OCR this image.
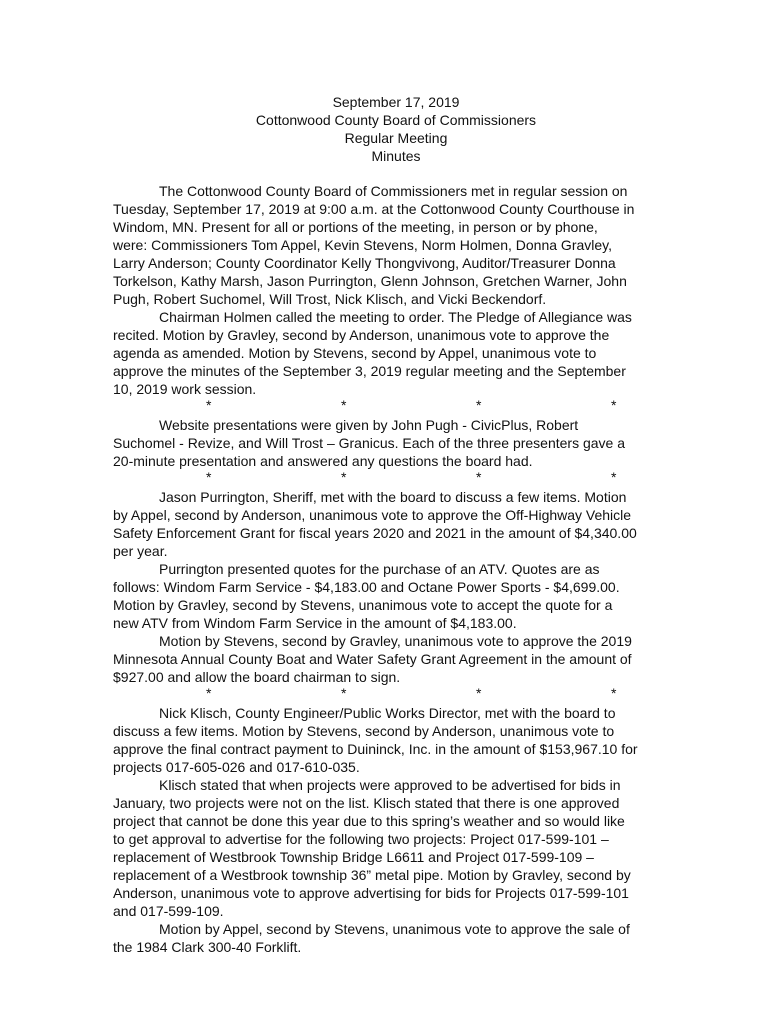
September 17, 2019
Cottonwood County Board of Commissioners
Regular Meeting
Minutes

The Cottonwood County Board of Commissioners met in regular session on
Tuesday, September 17, 2019 at 9:00 a.m. at the Cottonwood County Courthouse in
Windom, MN. Present for all or portions of the meeting, in person or by phone,
were: Commissioners Tom Appel, Kevin Stevens, Norm Holmen, Donna Gravley,
Larry Anderson; County Coordinator Kelly Thongvivong, Auditor/Treasurer Donna
Torkelson, Kathy Marsh, Jason Purrington, Glenn Johnson, Gretchen Warner, John
Pugh, Robert Suchomel, Will Trost, Nick Klisch, and Vicki Beckendorf.

Chairman Holmen called the meeting to order. The Pledge of Allegiance was
recited. Motion by Gravley, second by Anderson, unanimous vote to approve the
agenda as amended. Motion by Stevens, second by Appel, unanimous vote to
approve the minutes of the September 3, 2019 regular meeting and the September
10, 2019 work session.

*	*	*	*

Website presentations were given by John Pugh - CivicPlus, Robert
Suchomel - Revize, and Will Trost – Granicus. Each of the three presenters gave a
20-minute presentation and answered any questions the board had.

*	*	*	*

Jason Purrington, Sheriff, met with the board to discuss a few items. Motion
by Appel, second by Anderson, unanimous vote to approve the Off-Highway Vehicle
Safety Enforcement Grant for fiscal years 2020 and 2021 in the amount of $4,340.00
per year.

Purrington presented quotes for the purchase of an ATV. Quotes are as
follows: Windom Farm Service - $4,183.00 and Octane Power Sports - $4,699.00.
Motion by Gravley, second by Stevens, unanimous vote to accept the quote for a
new ATV from Windom Farm Service in the amount of $4,183.00.

Motion by Stevens, second by Gravley, unanimous vote to approve the 2019
Minnesota Annual County Boat and Water Safety Grant Agreement in the amount of
$927.00 and allow the board chairman to sign.

*	*	*	*

Nick Klisch, County Engineer/Public Works Director, met with the board to
discuss a few items. Motion by Stevens, second by Anderson, unanimous vote to
approve the final contract payment to Duininck, Inc. in the amount of $153,967.10 for
projects 017-605-026 and 017-610-035.

Klisch stated that when projects were approved to be advertised for bids in
January, two projects were not on the list. Klisch stated that there is one approved
project that cannot be done this year due to this spring’s weather and so would like
to get approval to advertise for the following two projects: Project 017-599-101 –
replacement of Westbrook Township Bridge L6611 and Project 017-599-109 –
replacement of a Westbrook township 36” metal pipe. Motion by Gravley, second by
Anderson, unanimous vote to approve advertising for bids for Projects 017-599-101
and 017-599-109.

Motion by Appel, second by Stevens, unanimous vote to approve the sale of
the 1984 Clark 300-40 Forklift.
